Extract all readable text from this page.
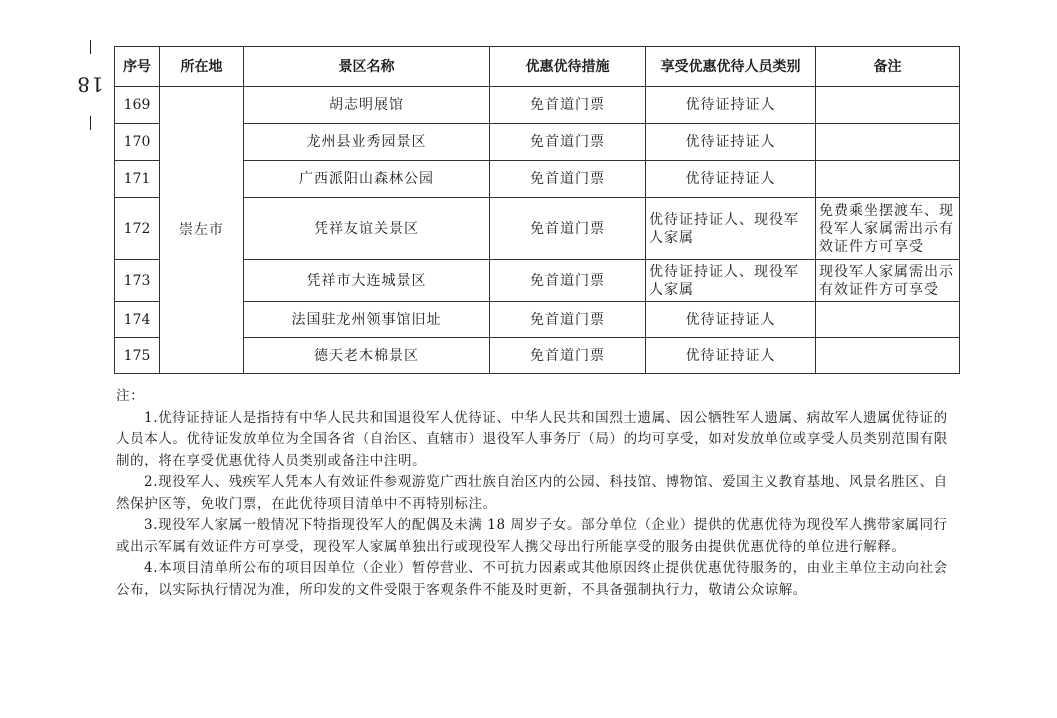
18
序号	所在地	景区名称	优惠优待措施	享受优惠优待人员类别	备注
169	崇左市	胡志明展馆	免首道门票	优待证持证人	
170		龙州县业秀园景区	免首道门票	优待证持证人	
171		广西派阳山森林公园	免首道门票	优待证持证人	
172		凭祥友谊关景区	免首道门票	优待证持证人、现役军人家属	免费乘坐摆渡车、现役军人家属需出示有效证件方可享受
173		凭祥市大连城景区	免首道门票	优待证持证人、现役军人家属	现役军人家属需出示有效证件方可享受
174		法国驻龙州领事馆旧址	免首道门票	优待证持证人	
175		德天老木棉景区	免首道门票	优待证持证人	

注：

1.优待证持证人是指持有中华人民共和国退役军人优待证、中华人民共和国烈士遗属、因公牺牲军人遗属、病故军人遗属优待证的人员本人。优待证发放单位为全国各省（自治区、直辖市）退役军人事务厅（局）的均可享受，如对发放单位或享受人员类别范围有限制的，将在享受优惠优待人员类别或备注中注明。

2.现役军人、残疾军人凭本人有效证件参观游览广西壮族自治区内的公园、科技馆、博物馆、爱国主义教育基地、风景名胜区、自然保护区等，免收门票，在此优待项目清单中不再特别标注。

3.现役军人家属一般情况下特指现役军人的配偶及未满 18 周岁子女。部分单位（企业）提供的优惠优待为现役军人携带家属同行或出示军属有效证件方可享受，现役军人家属单独出行或现役军人携父母出行所能享受的服务由提供优惠优待的单位进行解释。

4.本项目清单所公布的项目因单位（企业）暂停营业、不可抗力因素或其他原因终止提供优惠优待服务的，由业主单位主动向社会公布，以实际执行情况为准，所印发的文件受限于客观条件不能及时更新，不具备强制执行力，敬请公众谅解。
